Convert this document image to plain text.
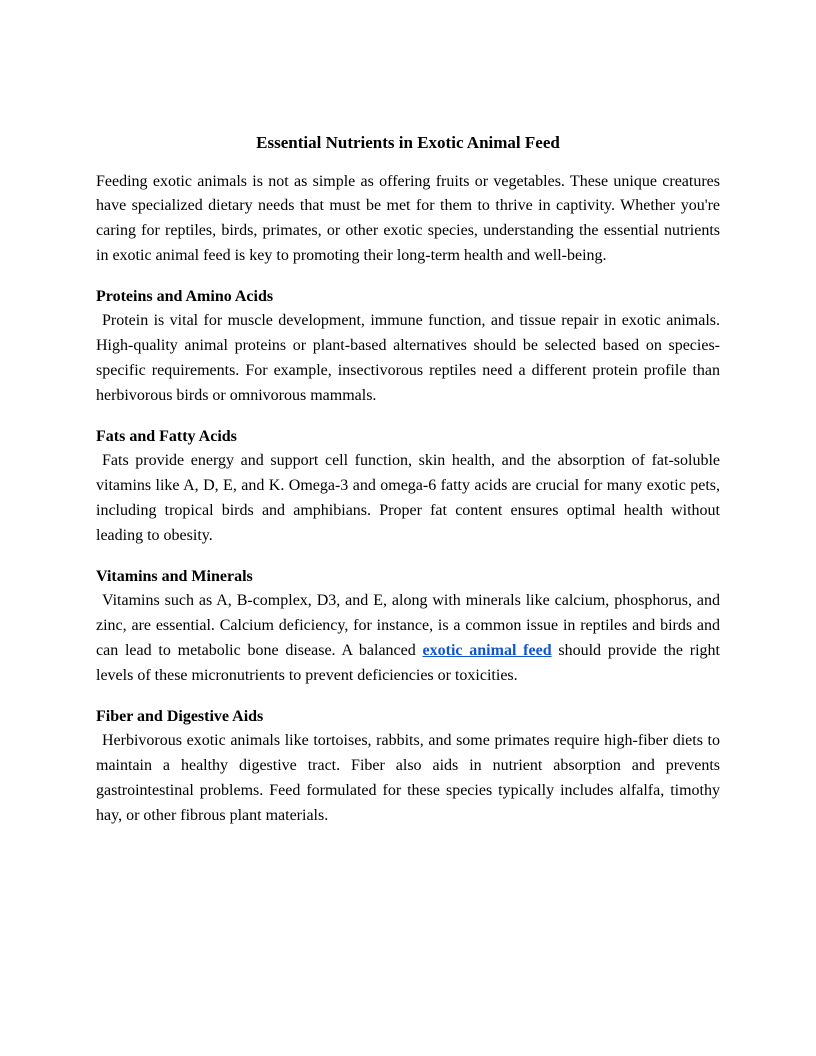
Essential Nutrients in Exotic Animal Feed

Feeding exotic animals is not as simple as offering fruits or vegetables. These unique creatures have specialized dietary needs that must be met for them to thrive in captivity. Whether you're caring for reptiles, birds, primates, or other exotic species, understanding the essential nutrients in exotic animal feed is key to promoting their long-term health and well-being.

Proteins and Amino Acids

Protein is vital for muscle development, immune function, and tissue repair in exotic animals. High-quality animal proteins or plant-based alternatives should be selected based on species-specific requirements. For example, insectivorous reptiles need a different protein profile than herbivorous birds or omnivorous mammals.

Fats and Fatty Acids

Fats provide energy and support cell function, skin health, and the absorption of fat-soluble vitamins like A, D, E, and K. Omega-3 and omega-6 fatty acids are crucial for many exotic pets, including tropical birds and amphibians. Proper fat content ensures optimal health without leading to obesity.

Vitamins and Minerals

Vitamins such as A, B-complex, D3, and E, along with minerals like calcium, phosphorus, and zinc, are essential. Calcium deficiency, for instance, is a common issue in reptiles and birds and can lead to metabolic bone disease. A balanced exotic animal feed should provide the right levels of these micronutrients to prevent deficiencies or toxicities.

Fiber and Digestive Aids

Herbivorous exotic animals like tortoises, rabbits, and some primates require high-fiber diets to maintain a healthy digestive tract. Fiber also aids in nutrient absorption and prevents gastrointestinal problems. Feed formulated for these species typically includes alfalfa, timothy hay, or other fibrous plant materials.
